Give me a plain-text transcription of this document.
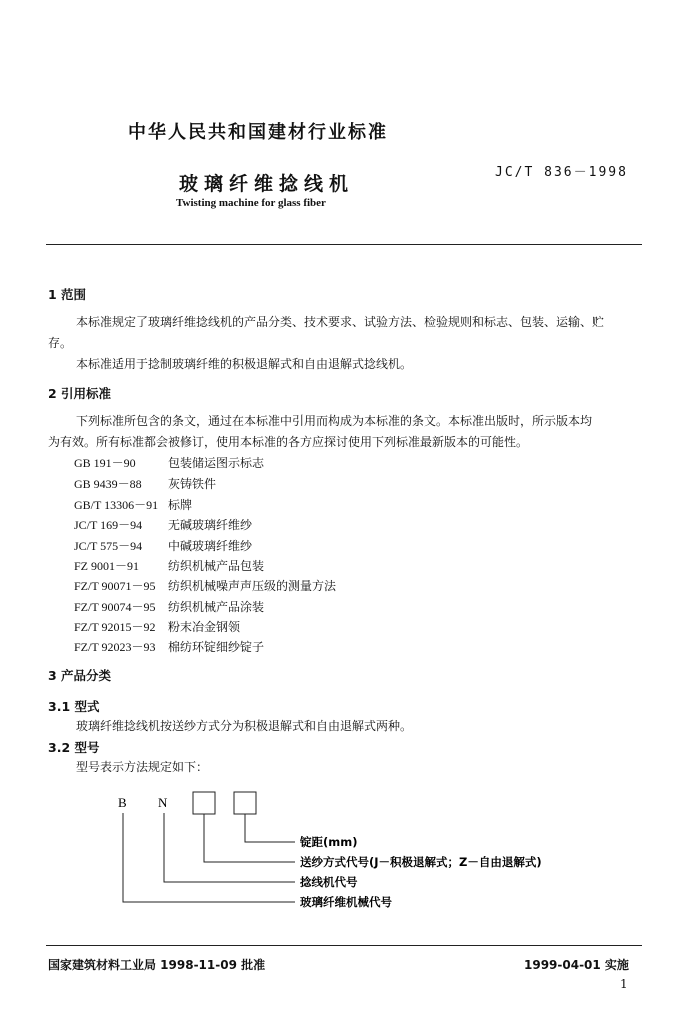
中华人民共和国建材行业标准
JC/T 836－1998
玻璃纤维捻线机
Twisting machine for glass fiber
1 范围
本标准规定了玻璃纤维捻线机的产品分类、技术要求、试验方法、检验规则和标志、包装、运输、贮
存。
本标准适用于捻制玻璃纤维的积极退解式和自由退解式捻线机。
2 引用标准
下列标准所包含的条文，通过在本标准中引用而构成为本标准的条文。本标准出版时，所示版本均
为有效。所有标准都会被修订，使用本标准的各方应探讨使用下列标准最新版本的可能性。
GB 191－90	包装储运图示标志
GB 9439－88 灰铸铁件
GB/T 13306－91 标牌
JC/T 169－94 无碱玻璃纤维纱
JC/T 575－94 中碱玻璃纤维纱
FZ 9001－91 纺织机械产品包装
FZ/T 90071－95 纺织机械噪声声压级的测量方法
FZ/T 90074－95 纺织机械产品涂装
FZ/T 92015－92 粉末冶金钢领
FZ/T 92023－93 棉纺环锭细纱锭子
3 产品分类
3.1 型式
玻璃纤维捻线机按送纱方式分为积极退解式和自由退解式两种。
3.2 型号
型号表示方法规定如下：
B N
锭距(mm)
送纱方式代号(J－积极退解式；Z－自由退解式)
捻线机代号
玻璃纤维机械代号
国家建筑材料工业局 1998-11-09 批准	1999-04-01 实施
1
